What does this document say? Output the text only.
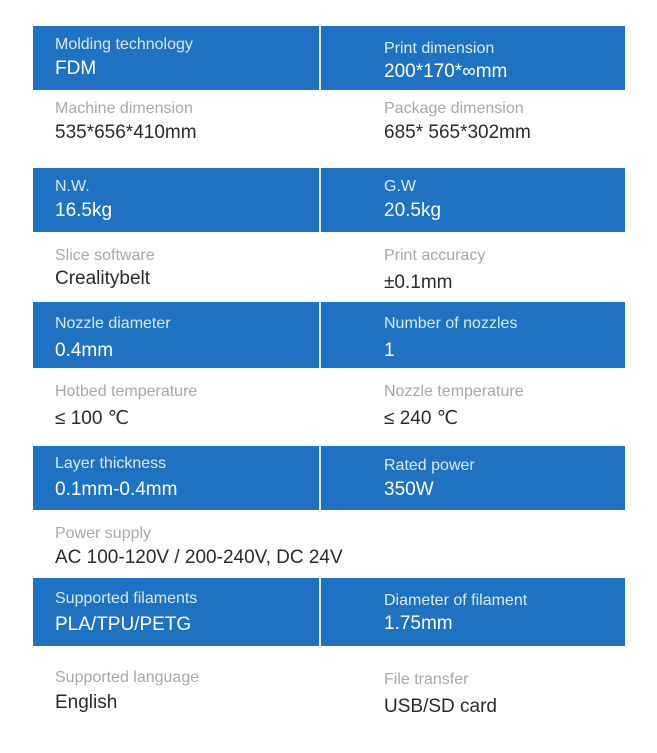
Molding technology
FDM
Print dimension
200*170*∞mm
Machine dimension
535*656*410mm
Package dimension
685* 565*302mm
N.W.
16.5kg
G.W
20.5kg
Slice software
Crealitybelt
Print accuracy
±0.1mm
Nozzle diameter
0.4mm
Number of nozzles
1
Hotbed temperature
≤ 100 ℃
Nozzle temperature
≤ 240 ℃
Layer thickness
0.1mm-0.4mm
Rated power
350W
Power supply
AC 100-120V / 200-240V, DC 24V
Supported filaments
PLA/TPU/PETG
Diameter of filament
1.75mm
Supported language
English
File transfer
USB/SD card
